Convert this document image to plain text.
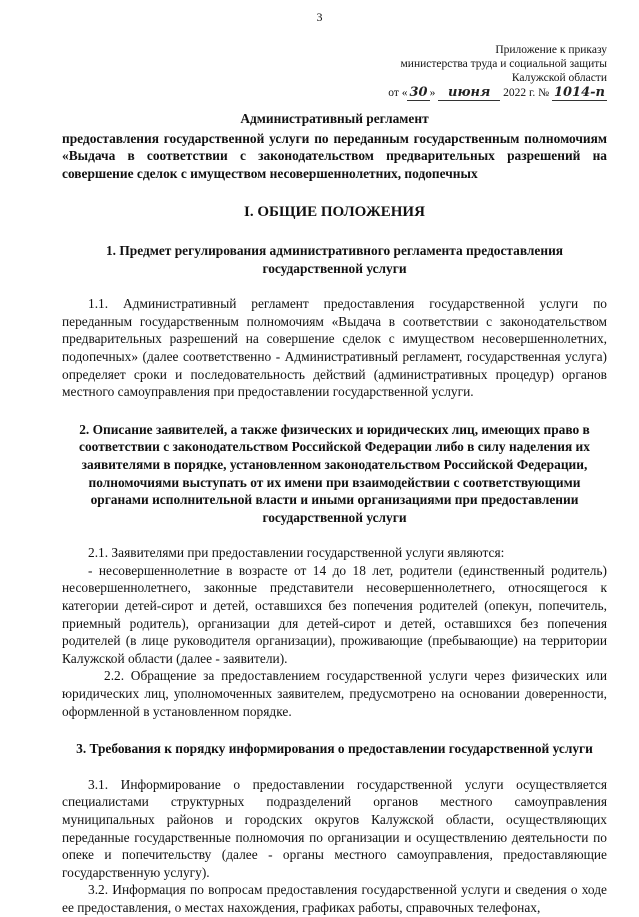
3
Приложение к приказу
министерства труда и социальной защиты
Калужской области
от « 30 » июня 2022 г. № 1014-п
Административный регламент

предоставления государственной услуги по переданным государственным полномочиям «Выдача в соответствии с законодательством предварительных разрешений на совершение сделок с имуществом несовершеннолетних, подопечных

I. ОБЩИЕ ПОЛОЖЕНИЯ
1. Предмет регулирования административного регламента предоставления государственной услуги

1.1. Административный регламент предоставления государственной услуги по переданным государственным полномочиям «Выдача в соответствии с законодательством предварительных разрешений на совершение сделок с имуществом несовершеннолетних, подопечных» (далее соответственно - Административный регламент, государственная услуга) определяет сроки и последовательность действий (административных процедур) органов местного самоуправления при предоставлении государственной услуги.

2. Описание заявителей, а также физических и юридических лиц, имеющих право в соответствии с законодательством Российской Федерации либо в силу наделения их заявителями в порядке, установленном законодательством Российской Федерации, полномочиями выступать от их имени при взаимодействии с соответствующими органами исполнительной власти и иными организациями при предоставлении государственной услуги

2.1. Заявителями при предоставлении государственной услуги являются:

- несовершеннолетние в возрасте от 14 до 18 лет, родители (единственный родитель) несовершеннолетнего, законные представители несовершеннолетнего, относящегося к категории детей-сирот и детей, оставшихся без попечения родителей (опекун, попечитель, приемный родитель), организации для детей-сирот и детей, оставшихся без попечения родителей (в лице руководителя организации), проживающие (пребывающие) на территории Калужской области (далее - заявители).

2.2. Обращение за предоставлением государственной услуги через физических или юридических лиц, уполномоченных заявителем, предусмотрено на основании доверенности, оформленной в установленном порядке.

3. Требования к порядку информирования о предоставлении государственной услуги

3.1. Информирование о предоставлении государственной услуги осуществляется специалистами структурных подразделений органов местного самоуправления муниципальных районов и городских округов Калужской области, осуществляющих переданные государственные полномочия по организации и осуществлению деятельности по опеке и попечительству (далее - органы местного самоуправления, предоставляющие государственную услугу).

3.2. Информация по вопросам предоставления государственной услуги и сведения о ходе ее предоставления, о местах нахождения, графиках работы, справочных телефонах,
